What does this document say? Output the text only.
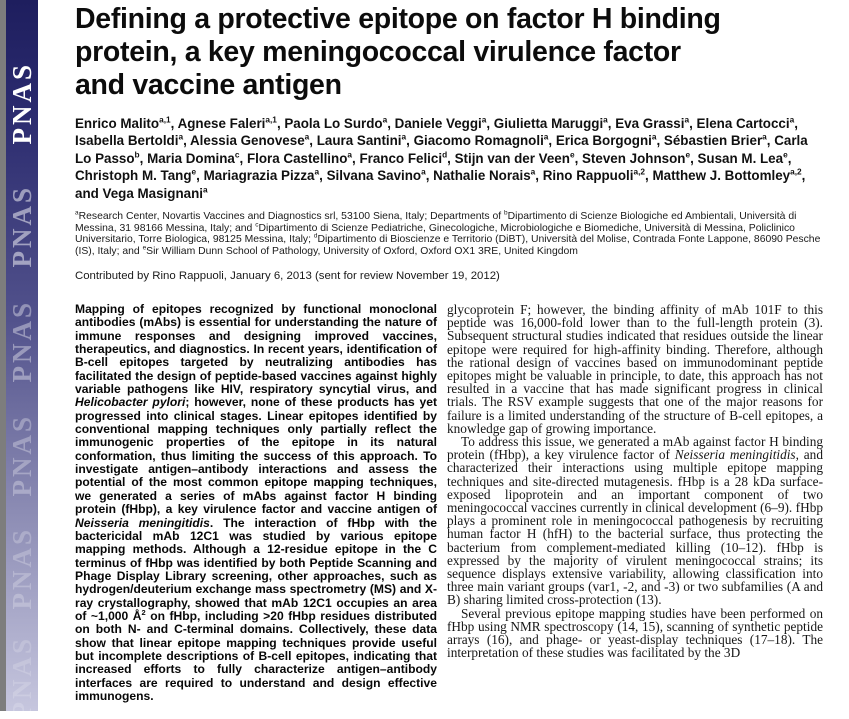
PNAS
PNAS
PNAS
PNAS
PNAS
PNAS
Defining a protective epitope on factor H binding
protein, a key meningococcal virulence factor
and vaccine antigen
Enrico Malito$^{a,1}$, Agnese Faleri$^{a,1}$, Paola Lo Surdo$^a$, Daniele Veggi$^a$, Giulietta Maruggi$^a$, Eva Grassi$^a$, Elena Cartocci$^a$, Isabella Bertoldi$^a$, Alessia Genovese$^a$, Laura Santini$^a$, Giacomo Romagnoli$^a$, Erica Borgogni$^a$, Sébastien Brier$^a$, Carla Lo Passo$^b$, Maria Domina$^c$, Flora Castellino$^a$, Franco Felici$^d$, Stijn van der Veen$^e$, Steven Johnson$^e$, Susan M. Lea$^e$, Christoph M. Tang$^e$, Mariagrazia Pizza$^a$, Silvana Savino$^a$, Nathalie Norais$^a$, Rino Rappuoli$^{a,2}$, Matthew J. Bottomley$^{a,2}$, and Vega Masignani$^a$
$^a$Research Center, Novartis Vaccines and Diagnostics srl, 53100 Siena, Italy; Departments of $^b$Dipartimento di Scienze Biologiche ed Ambientali, Università di Messina, 31 98166 Messina, Italy; and $^c$Dipartimento di Scienze Pediatriche, Ginecologiche, Microbiologiche e Biomediche, Università di Messina, Policlinico Universitario, Torre Biologica, 98125 Messina, Italy; $^d$Dipartimento di Bioscienze e Territorio (DiBT), Università del Molise, Contrada Fonte Lappone, 86090 Pesche (IS), Italy; and $^e$Sir William Dunn School of Pathology, University of Oxford, Oxford OX1 3RE, United Kingdom
Contributed by Rino Rappuoli, January 6, 2013 (sent for review November 19, 2012)
Mapping of epitopes recognized by functional monoclonal antibodies (mAbs) is essential for understanding the nature of immune responses and designing improved vaccines, therapeutics, and diagnostics. In recent years, identification of B-cell epitopes targeted by neutralizing antibodies has facilitated the design of peptide-based vaccines against highly variable pathogens like HIV, respiratory syncytial virus, and Helicobacter pylori; however, none of these products has yet progressed into clinical stages. Linear epitopes identified by conventional mapping techniques only partially reflect the immunogenic properties of the epitope in its natural conformation, thus limiting the success of this approach. To investigate antigen–antibody interactions and assess the potential of the most common epitope mapping techniques, we generated a series of mAbs against factor H binding protein (fHbp), a key virulence factor and vaccine antigen of Neisseria meningitidis. The interaction of fHbp with the bactericidal mAb 12C1 was studied by various epitope mapping methods. Although a 12-residue epitope in the C terminus of fHbp was identified by both Peptide Scanning and Phage Display Library screening, other approaches, such as hydrogen/deuterium exchange mass spectrometry (MS) and X-ray crystallography, showed that mAb 12C1 occupies an area of ~1,000 $Å^2$ on fHbp, including >20 fHbp residues distributed on both N- and C-terminal domains. Collectively, these data show that linear epitope mapping techniques provide useful but incomplete descriptions of B-cell epitopes, indicating that increased efforts to fully characterize antigen–antibody interfaces are required to understand and design effective immunogens.

glycoprotein F; however, the binding affinity of mAb 101F to this peptide was 16,000-fold lower than to the full-length protein (3). Subsequent structural studies indicated that residues outside the linear epitope were required for high-affinity binding. Therefore, although the rational design of vaccines based on immunodominant peptide epitopes might be valuable in principle, to date, this approach has not resulted in a vaccine that has made significant progress in clinical trials. The RSV example suggests that one of the major reasons for failure is a limited understanding of the structure of B-cell epitopes, a knowledge gap of growing importance.

To address this issue, we generated a mAb against factor H binding protein (fHbp), a key virulence factor of Neisseria meningitidis, and characterized their interactions using multiple epitope mapping techniques and site-directed mutagenesis. fHbp is a 28 kDa surface-exposed lipoprotein and an important component of two meningococcal vaccines currently in clinical development (6–9). fHbp plays a prominent role in meningococcal pathogenesis by recruiting human factor H (hfH) to the bacterial surface, thus protecting the bacterium from complement-mediated killing (10–12). fHbp is expressed by the majority of virulent meningococcal strains; its sequence displays extensive variability, allowing classification into three main variant groups (var1, -2, and -3) or two subfamilies (A and B) sharing limited cross-protection (13).

Several previous epitope mapping studies have been performed on fHbp using NMR spectroscopy (14, 15), scanning of synthetic peptide arrays (16), and phage- or yeast-display techniques (17–18). The interpretation of these studies was facilitated by the 3D
